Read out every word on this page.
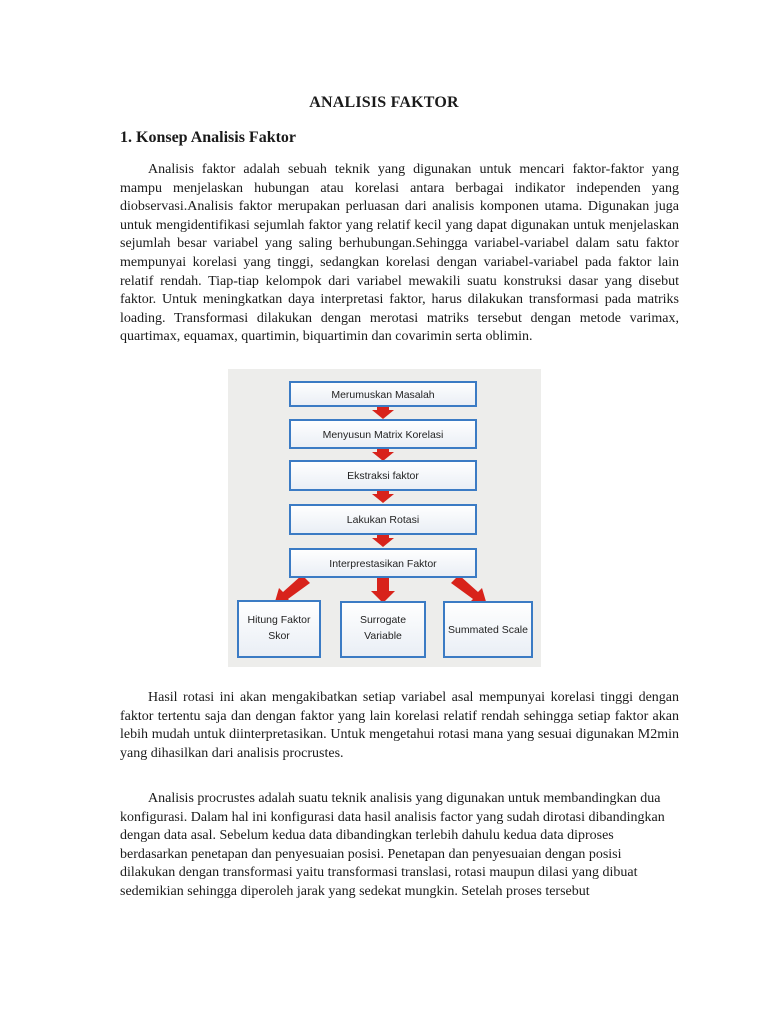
ANALISIS FAKTOR
1. Konsep Analisis Faktor

Analisis faktor adalah sebuah teknik yang digunakan untuk mencari faktor-faktor yang mampu menjelaskan hubungan atau korelasi antara berbagai indikator independen yang diobservasi.Analisis faktor merupakan perluasan dari analisis komponen utama. Digunakan juga untuk mengidentifikasi sejumlah faktor yang relatif kecil yang dapat digunakan untuk menjelaskan sejumlah besar variabel yang saling berhubungan.Sehingga variabel-variabel dalam satu faktor mempunyai korelasi yang tinggi, sedangkan korelasi dengan variabel-variabel pada faktor lain relatif rendah. Tiap-tiap kelompok dari variabel mewakili suatu konstruksi dasar yang disebut faktor. Untuk meningkatkan daya interpretasi faktor, harus dilakukan transformasi pada matriks loading. Transformasi dilakukan dengan merotasi matriks tersebut dengan metode varimax, quartimax, equamax, quartimin, biquartimin dan covarimin serta oblimin.

Merumuskan Masalah
Menyusun Matrix Korelasi
Ekstraksi faktor
Lakukan Rotasi
Interprestasikan Faktor
Hitung Faktor
Skor
Surrogate
Variable	Summated Scale

Hasil rotasi ini akan mengakibatkan setiap variabel asal mempunyai korelasi tinggi dengan faktor tertentu saja dan dengan faktor yang lain korelasi relatif rendah sehingga setiap faktor akan lebih mudah untuk diinterpretasikan. Untuk mengetahui rotasi mana yang sesuai digunakan M2min yang dihasilkan dari analisis procrustes.

Analisis procrustes adalah suatu teknik analisis yang digunakan untuk membandingkan dua konfigurasi. Dalam hal ini konfigurasi data hasil analisis factor yang sudah dirotasi dibandingkan dengan data asal. Sebelum kedua data dibandingkan terlebih dahulu kedua data diproses berdasarkan penetapan dan penyesuaian posisi. Penetapan dan penyesuaian dengan posisi dilakukan dengan transformasi yaitu transformasi translasi, rotasi maupun dilasi yang dibuat sedemikian sehingga diperoleh jarak yang sedekat mungkin. Setelah proses tersebut
